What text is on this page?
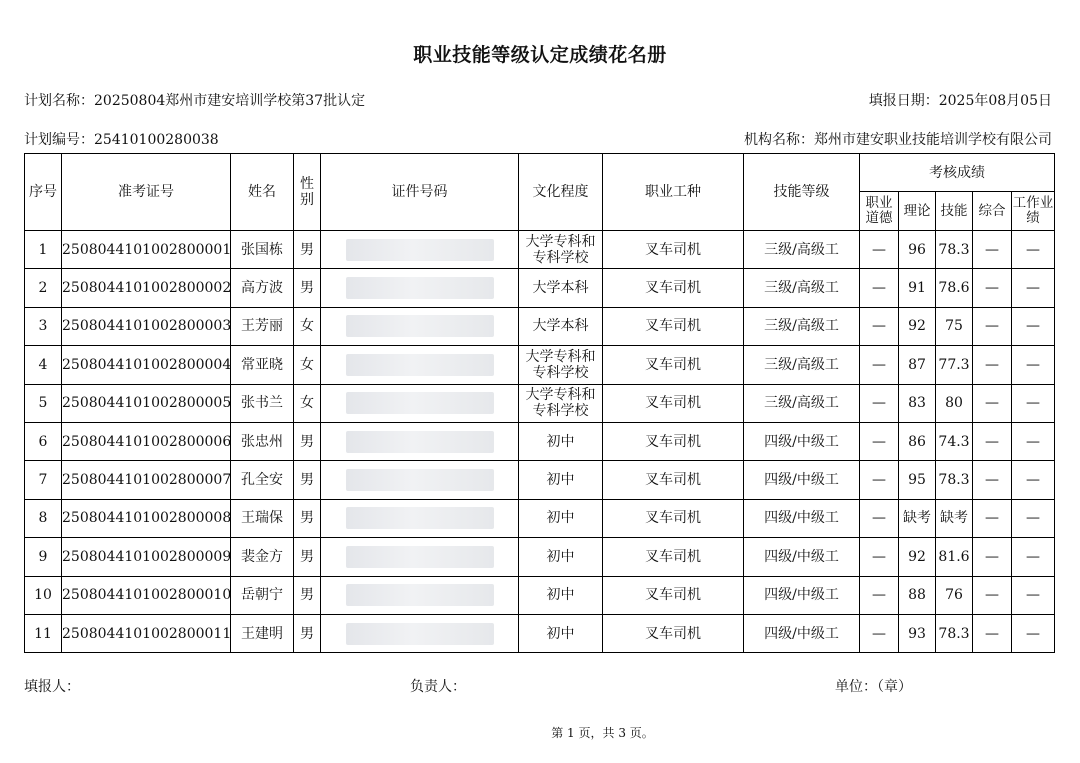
职业技能等级认定成绩花名册
计划名称：20250804郑州市建安培训学校第37批认定	填报日期：2025年08月05日
计划编号：25410100280038	机构名称：郑州市建安职业技能培训学校有限公司
序号	准考证号	姓名	性别	证件号码	文化程度	职业工种	技能等级	考核成绩				
								职业道德	理论	技能	综合	工作业绩
1	2508044101002800001	张国栋	男		大学专科和专科学校	叉车司机	三级/高级工	—	96	78.3	—	—
2	2508044101002800002	高方波	男		大学本科	叉车司机	三级/高级工	—	91	78.6	—	—
3	2508044101002800003	王芳丽	女		大学本科	叉车司机	三级/高级工	—	92	75	—	—
4	2508044101002800004	常亚晓	女		大学专科和专科学校	叉车司机	三级/高级工	—	87	77.3	—	—
5	2508044101002800005	张书兰	女		大学专科和专科学校	叉车司机	三级/高级工	—	83	80	—	—
6	2508044101002800006	张忠州	男		初中	叉车司机	四级/中级工	—	86	74.3	—	—
7	2508044101002800007	孔全安	男		初中	叉车司机	四级/中级工	—	95	78.3	—	—
8	2508044101002800008	王瑞保	男		初中	叉车司机	四级/中级工	—	缺考	缺考	—	—
9	2508044101002800009	裴金方	男		初中	叉车司机	四级/中级工	—	92	81.6	—	—
10	2508044101002800010	岳朝宁	男		初中	叉车司机	四级/中级工	—	88	76	—	—
11	2508044101002800011	王建明	男		初中	叉车司机	四级/中级工	—	93	78.3	—	—
填报人：	负责人：	单位：（章）
第 1 页，共 3 页。
